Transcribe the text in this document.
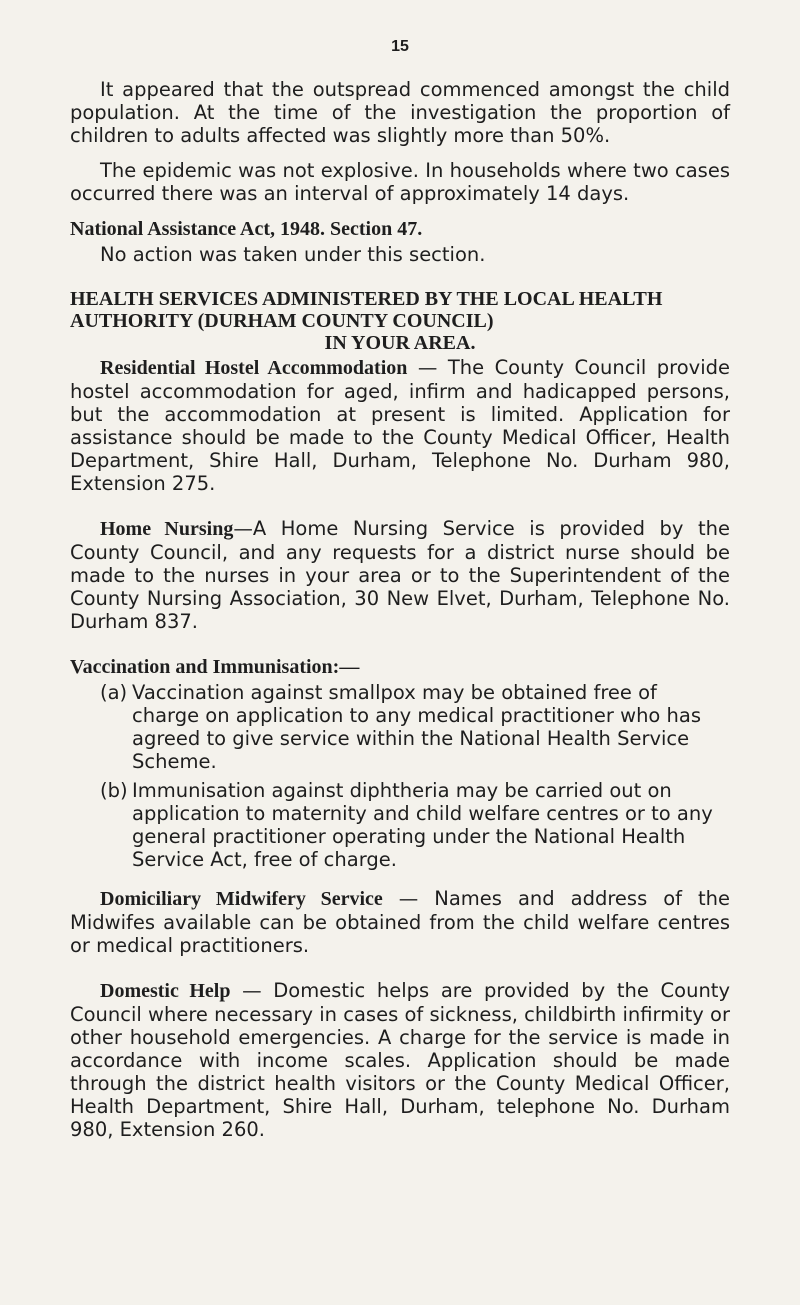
15

It appeared that the outspread commenced amongst the child population. At the time of the investigation the proportion of children to adults affected was slightly more than 50%.

The epidemic was not explosive. In households where two cases occurred there was an interval of approximately 14 days.

National Assistance Act, 1948. Section 47.

No action was taken under this section.

HEALTH SERVICES ADMINISTERED BY THE LOCAL HEALTH AUTHORITY (DURHAM COUNTY COUNCIL)
IN YOUR AREA.

Residential Hostel Accommodation — The County Council provide hostel accommodation for aged, infirm and hadicapped persons, but the accommodation at present is limited. Application for assistance should be made to the County Medical Officer, Health Department, Shire Hall, Durham, Telephone No. Durham 980, Extension 275.

Home Nursing—A Home Nursing Service is provided by the County Council, and any requests for a district nurse should be made to the nurses in your area or to the Superintendent of the County Nursing Association, 30 New Elvet, Durham, Telephone No. Durham 837.

Vaccination and Immunisation:—
(a) Vaccination against smallpox may be obtained free of charge on application to any medical practitioner who has agreed to give service within the National Health Service Scheme.
(b) Immunisation against diphtheria may be carried out on application to maternity and child welfare centres or to any general practitioner operating under the National Health Service Act, free of charge.

Domiciliary Midwifery Service — Names and address of the Midwifes available can be obtained from the child welfare centres or medical practitioners.

Domestic Help — Domestic helps are provided by the County Council where necessary in cases of sickness, childbirth infirmity or other household emergencies. A charge for the service is made in accordance with income scales. Application should be made through the district health visitors or the County Medical Officer, Health Department, Shire Hall, Durham, telephone No. Durham 980, Extension 260.
